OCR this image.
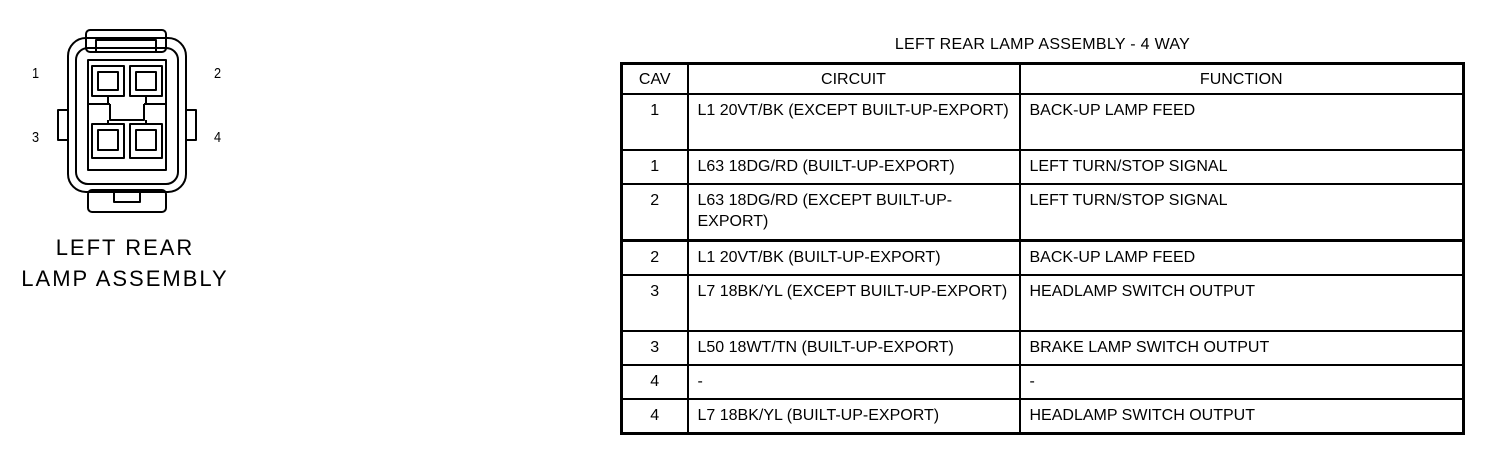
1	2
3	4
LEFT REAR
LAMP ASSEMBLY
LEFT REAR LAMP ASSEMBLY - 4 WAY
CAV	CIRCUIT	FUNCTION
1	L1 20VT/BK (EXCEPT BUILT-UP-EXPORT)	BACK-UP LAMP FEED
1	L63 18DG/RD (BUILT-UP-EXPORT)	LEFT TURN/STOP SIGNAL
2	L63 18DG/RD (EXCEPT BUILT-UP-EXPORT)	LEFT TURN/STOP SIGNAL
2	L1 20VT/BK (BUILT-UP-EXPORT)	BACK-UP LAMP FEED
3	L7 18BK/YL (EXCEPT BUILT-UP-EXPORT)	HEADLAMP SWITCH OUTPUT
3	L50 18WT/TN (BUILT-UP-EXPORT)	BRAKE LAMP SWITCH OUTPUT
4	-	-
4	L7 18BK/YL (BUILT-UP-EXPORT)	HEADLAMP SWITCH OUTPUT
